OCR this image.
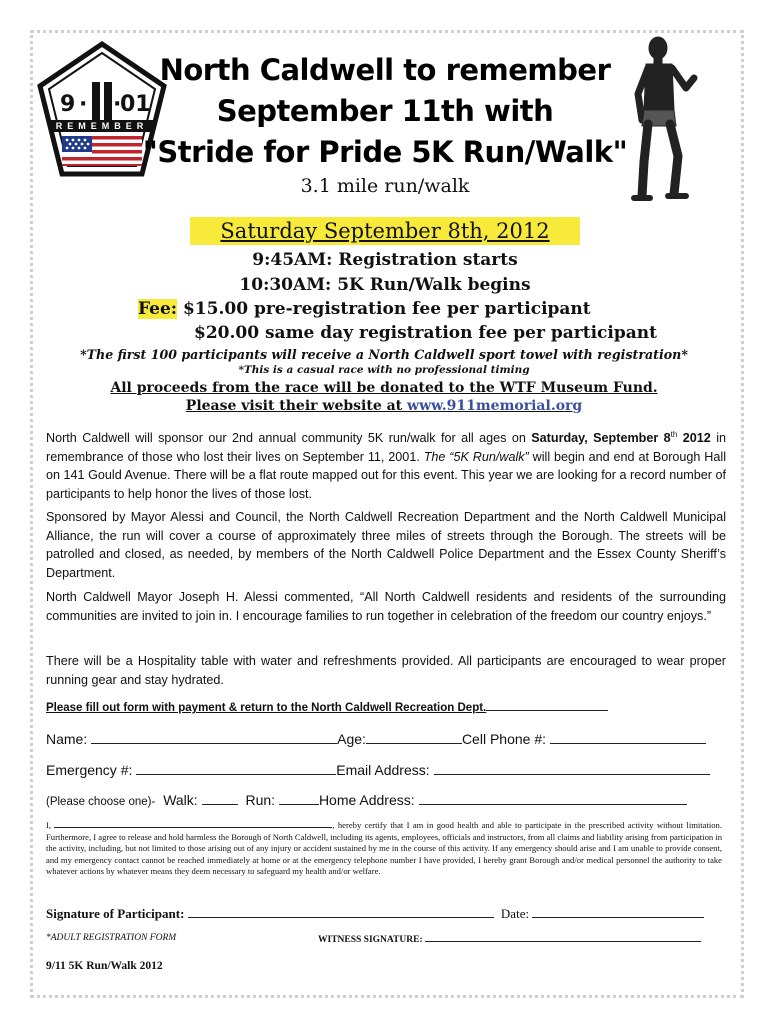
9 · ·
01
REMEMBER
North Caldwell to remember
September 11th with
"Stride for Pride 5K Run/Walk"
3.1 mile run/walk
Saturday September 8th, 2012
9:45AM: Registration starts
10:30AM: 5K Run/Walk begins
Fee: $15.00 pre-registration fee per participant
$20.00 same day registration fee per participant
*The first 100 participants will receive a North Caldwell sport towel with registration*
*This is a casual race with no professional timing
All proceeds from the race will be donated to the WTF Museum Fund.
Please visit their website at www.911memorial.org
North Caldwell will sponsor our 2nd annual community 5K run/walk for all ages on Saturday, September 8th 2012 in remembrance of those who lost their lives on September 11, 2001. The “5K Run/walk” will begin and end at Borough Hall on 141 Gould Avenue. There will be a flat route mapped out for this event. This year we are looking for a record number of participants to help honor the lives of those lost.
Sponsored by Mayor Alessi and Council, the North Caldwell Recreation Department and the North Caldwell Municipal Alliance, the run will cover a course of approximately three miles of streets through the Borough. The streets will be patrolled and closed, as needed, by members of the North Caldwell Police Department and the Essex County Sheriff’s Department.
North Caldwell Mayor Joseph H. Alessi commented, “All North Caldwell residents and residents of the surrounding communities are invited to join in. I encourage families to run together in celebration of the freedom our country enjoys.”
There will be a Hospitality table with water and refreshments provided. All participants are encouraged to wear proper running gear and stay hydrated.
Please fill out form with payment & return to the North Caldwell Recreation Dept.
Name:	Age:	Cell Phone #:
Emergency #:	Email Address:
(Please choose one)- Walk:	Run:	Home Address:
I,	, hereby certify that I am in good health and able to participate in the prescribed activity without limitation. Furthermore, I agree to release and hold harmless the Borough of North Caldwell, including its agents, employees, officials and instructors, from all claims and liability arising from participation in the activity, including, but not limited to those arising out of any injury or accident sustained by me in the course of this activity. If any emergency should arise and I am unable to provide consent, and my emergency contact cannot be reached immediately at home or at the emergency telephone number I have provided, I hereby grant Borough and/or medical personnel the authority to take whatever actions by whatever means they deem necessary to safeguard my health and/or welfare.
Signature of Participant:	Date:
*ADULT REGISTRATION FORM	WITNESS SIGNATURE:
9/11 5K Run/Walk 2012
